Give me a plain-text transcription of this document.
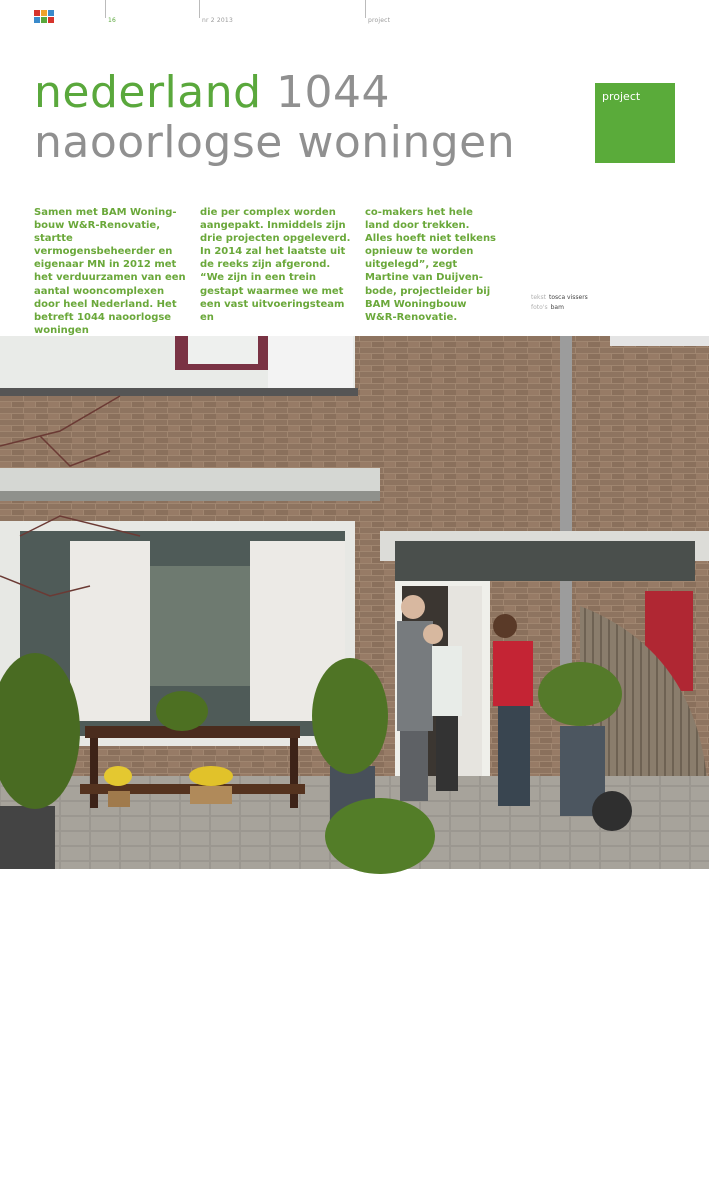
16	nr 2 2013	project
nederland 1044
naoorlogse woningen
project
Samen met BAM Woning- bouw W&R-Renovatie, startte vermogensbeheerder en eigenaar MN in 2012 met het verduurzamen van een aantal wooncomplexen door heel Nederland. Het betreft 1044 naoorlogse woningen
die per complex worden aangepakt. Inmiddels zijn drie projecten opgeleverd. In 2014 zal het laatste uit de reeks zijn afgerond. “We zijn in een trein gestapt waarmee we met een vast uitvoeringsteam en
co-makers het hele land door trekken. Alles hoeft niet telkens opnieuw te worden uitgelegd”, zegt Martine van Duijven- bode, projectleider bij BAM Woningbouw W&R-Renovatie.
tekst tosca vissers
foto's bam
Gert van der Heiden en Martine van Duijvenbode in gesprek met een bewoonster.
